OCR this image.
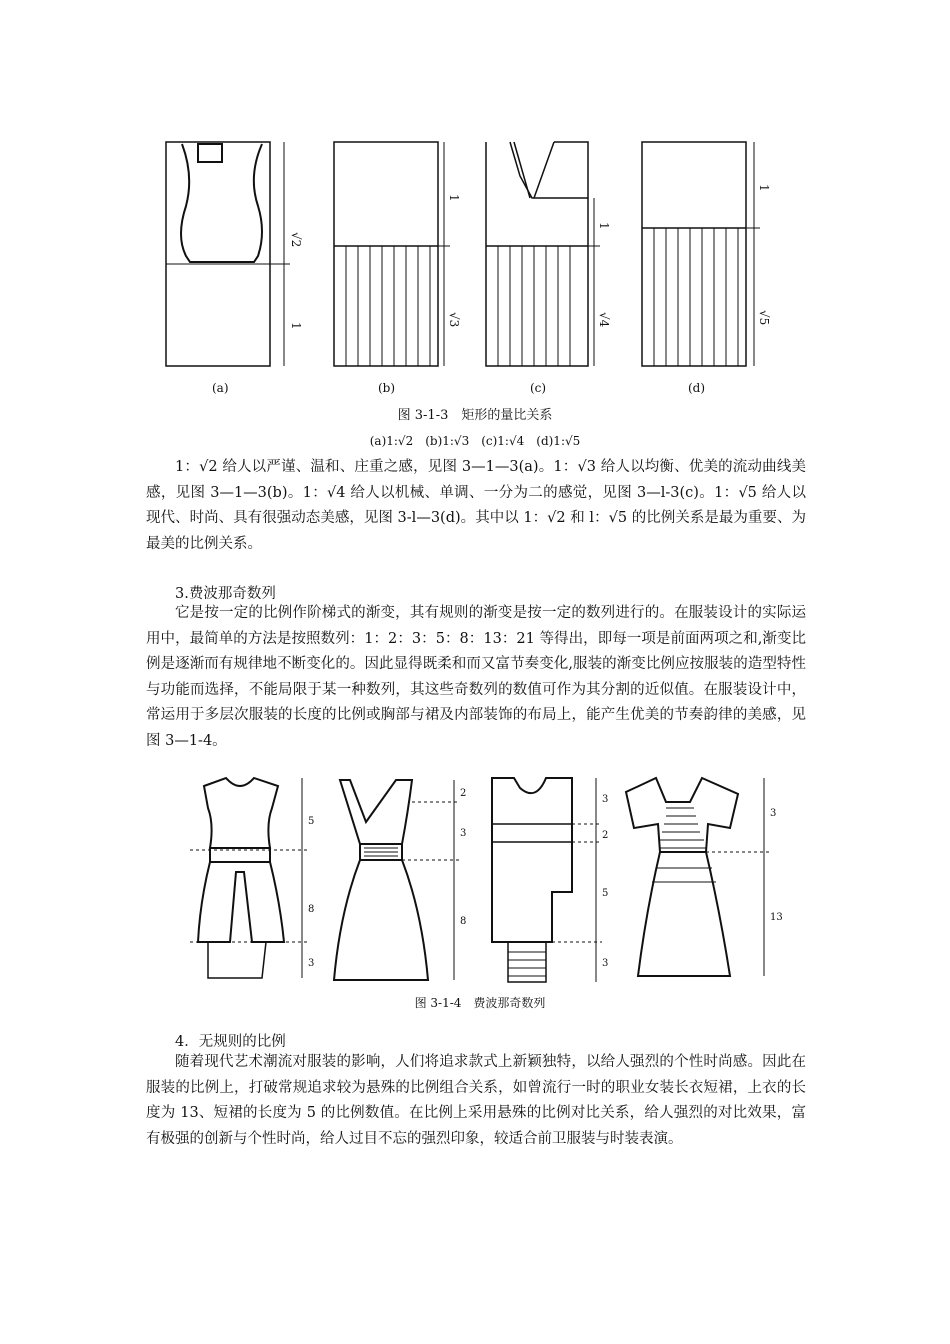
√2
1
(a)
1
√3
(b)
1
√4
(c)
1
√5
(d)
图 3-1-3　矩形的量比关系
(a)1:√2　(b)1:√3　(c)1:√4　(d)1:√5

1：√2 给人以严谨、温和、庄重之感，见图 3—1—3(a)。1：√3 给人以均衡、优美的流动曲线美感，见图 3—1—3(b)。1：√4 给人以机械、单调、一分为二的感觉，见图 3—l-3(c)。1：√5 给人以现代、时尚、具有很强动态美感，见图 3-l—3(d)。其中以 1：√2 和 l：√5 的比例关系是最为重要、为最美的比例关系。

3.费波那奇数列

它是按一定的比例作阶梯式的渐变，其有规则的渐变是按一定的数列进行的。在服装设计的实际运用中，最简单的方法是按照数列：1：2：3：5：8：13：21 等得出，即每一项是前面两项之和,渐变比例是逐渐而有规律地不断变化的。因此显得既柔和而又富节奏变化,服装的渐变比例应按服装的造型特性与功能而选择，不能局限于某一种数列，其这些奇数列的数值可作为其分割的近似值。在服装设计中，常运用于多层次服装的长度的比例或胸部与裙及内部装饰的布局上，能产生优美的节奏韵律的美感，见图 3—1-4。

5
8
3
2
3
8
3
2
5
3
3
13
图 3-1-4　费波那奇数列

4．无规则的比例

随着现代艺术潮流对服装的影响，人们将追求款式上新颖独特，以给人强烈的个性时尚感。因此在服装的比例上，打破常规追求较为悬殊的比例组合关系，如曾流行一时的职业女装长衣短裙，上衣的长度为 13、短裙的长度为 5 的比例数值。在比例上采用悬殊的比例对比关系，给人强烈的对比效果，富有极强的创新与个性时尚，给人过目不忘的强烈印象，较适合前卫服装与时装表演。
